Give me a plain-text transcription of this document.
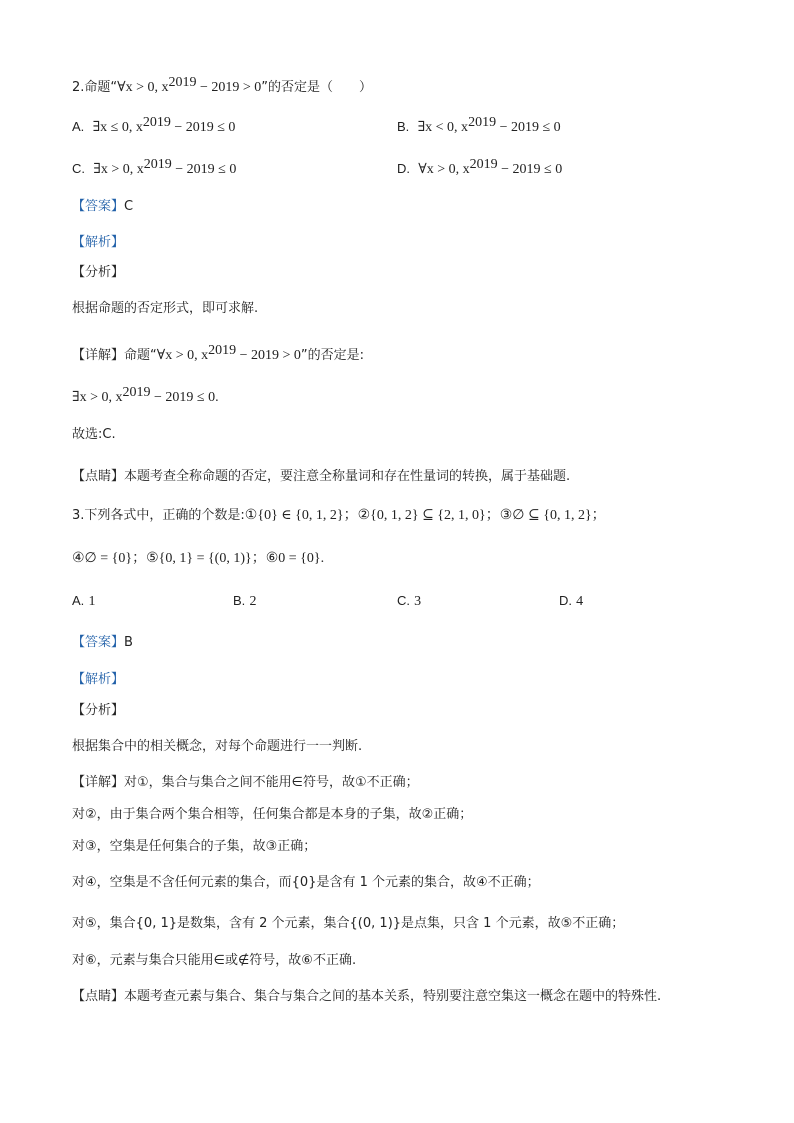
2.命题“∀x > 0, $x^{2019} - 2019 > 0$”的否定是（　　）
A. ∃x ≤ 0, $x^{2019} - 2019 \le 0$	B. ∃x < 0, $x^{2019} - 2019 \le 0$
C. ∃x > 0, $x^{2019} - 2019 \le 0$	D. ∀x > 0, $x^{2019} - 2019 \le 0$
【答案】C
【解析】
【分析】
根据命题的否定形式，即可求解.
【详解】命题“∀x > 0, $x^{2019} - 2019 > 0$”的否定是:
∃x > 0, $x^{2019} - 2019 \le 0$.
故选:C.
【点睛】本题考查全称命题的否定，要注意全称量词和存在性量词的转换，属于基础题.
3.下列各式中，正确的个数是:①{0} ∈ {0, 1, 2}；②{0, 1, 2} ⊆ {2, 1, 0}；③∅ ⊆ {0, 1, 2}；
④∅ = {0}；⑤{0, 1} = {(0, 1)}；⑥0 = {0}.
A. 1	B. 2	C. 3	D. 4
【答案】B
【解析】
【分析】
根据集合中的相关概念，对每个命题进行一一判断.
【详解】对①，集合与集合之间不能用∈符号，故①不正确；
对②，由于集合两个集合相等，任何集合都是本身的子集，故②正确；
对③，空集是任何集合的子集，故③正确；
对④，空集是不含任何元素的集合，而{0}是含有 1 个元素的集合，故④不正确；
对⑤，集合{0, 1}是数集，含有 2 个元素，集合{(0, 1)}是点集，只含 1 个元素，故⑤不正确；
对⑥，元素与集合只能用∈或∉符号，故⑥不正确.
【点睛】本题考查元素与集合、集合与集合之间的基本关系，特别要注意空集这一概念在题中的特殊性.
